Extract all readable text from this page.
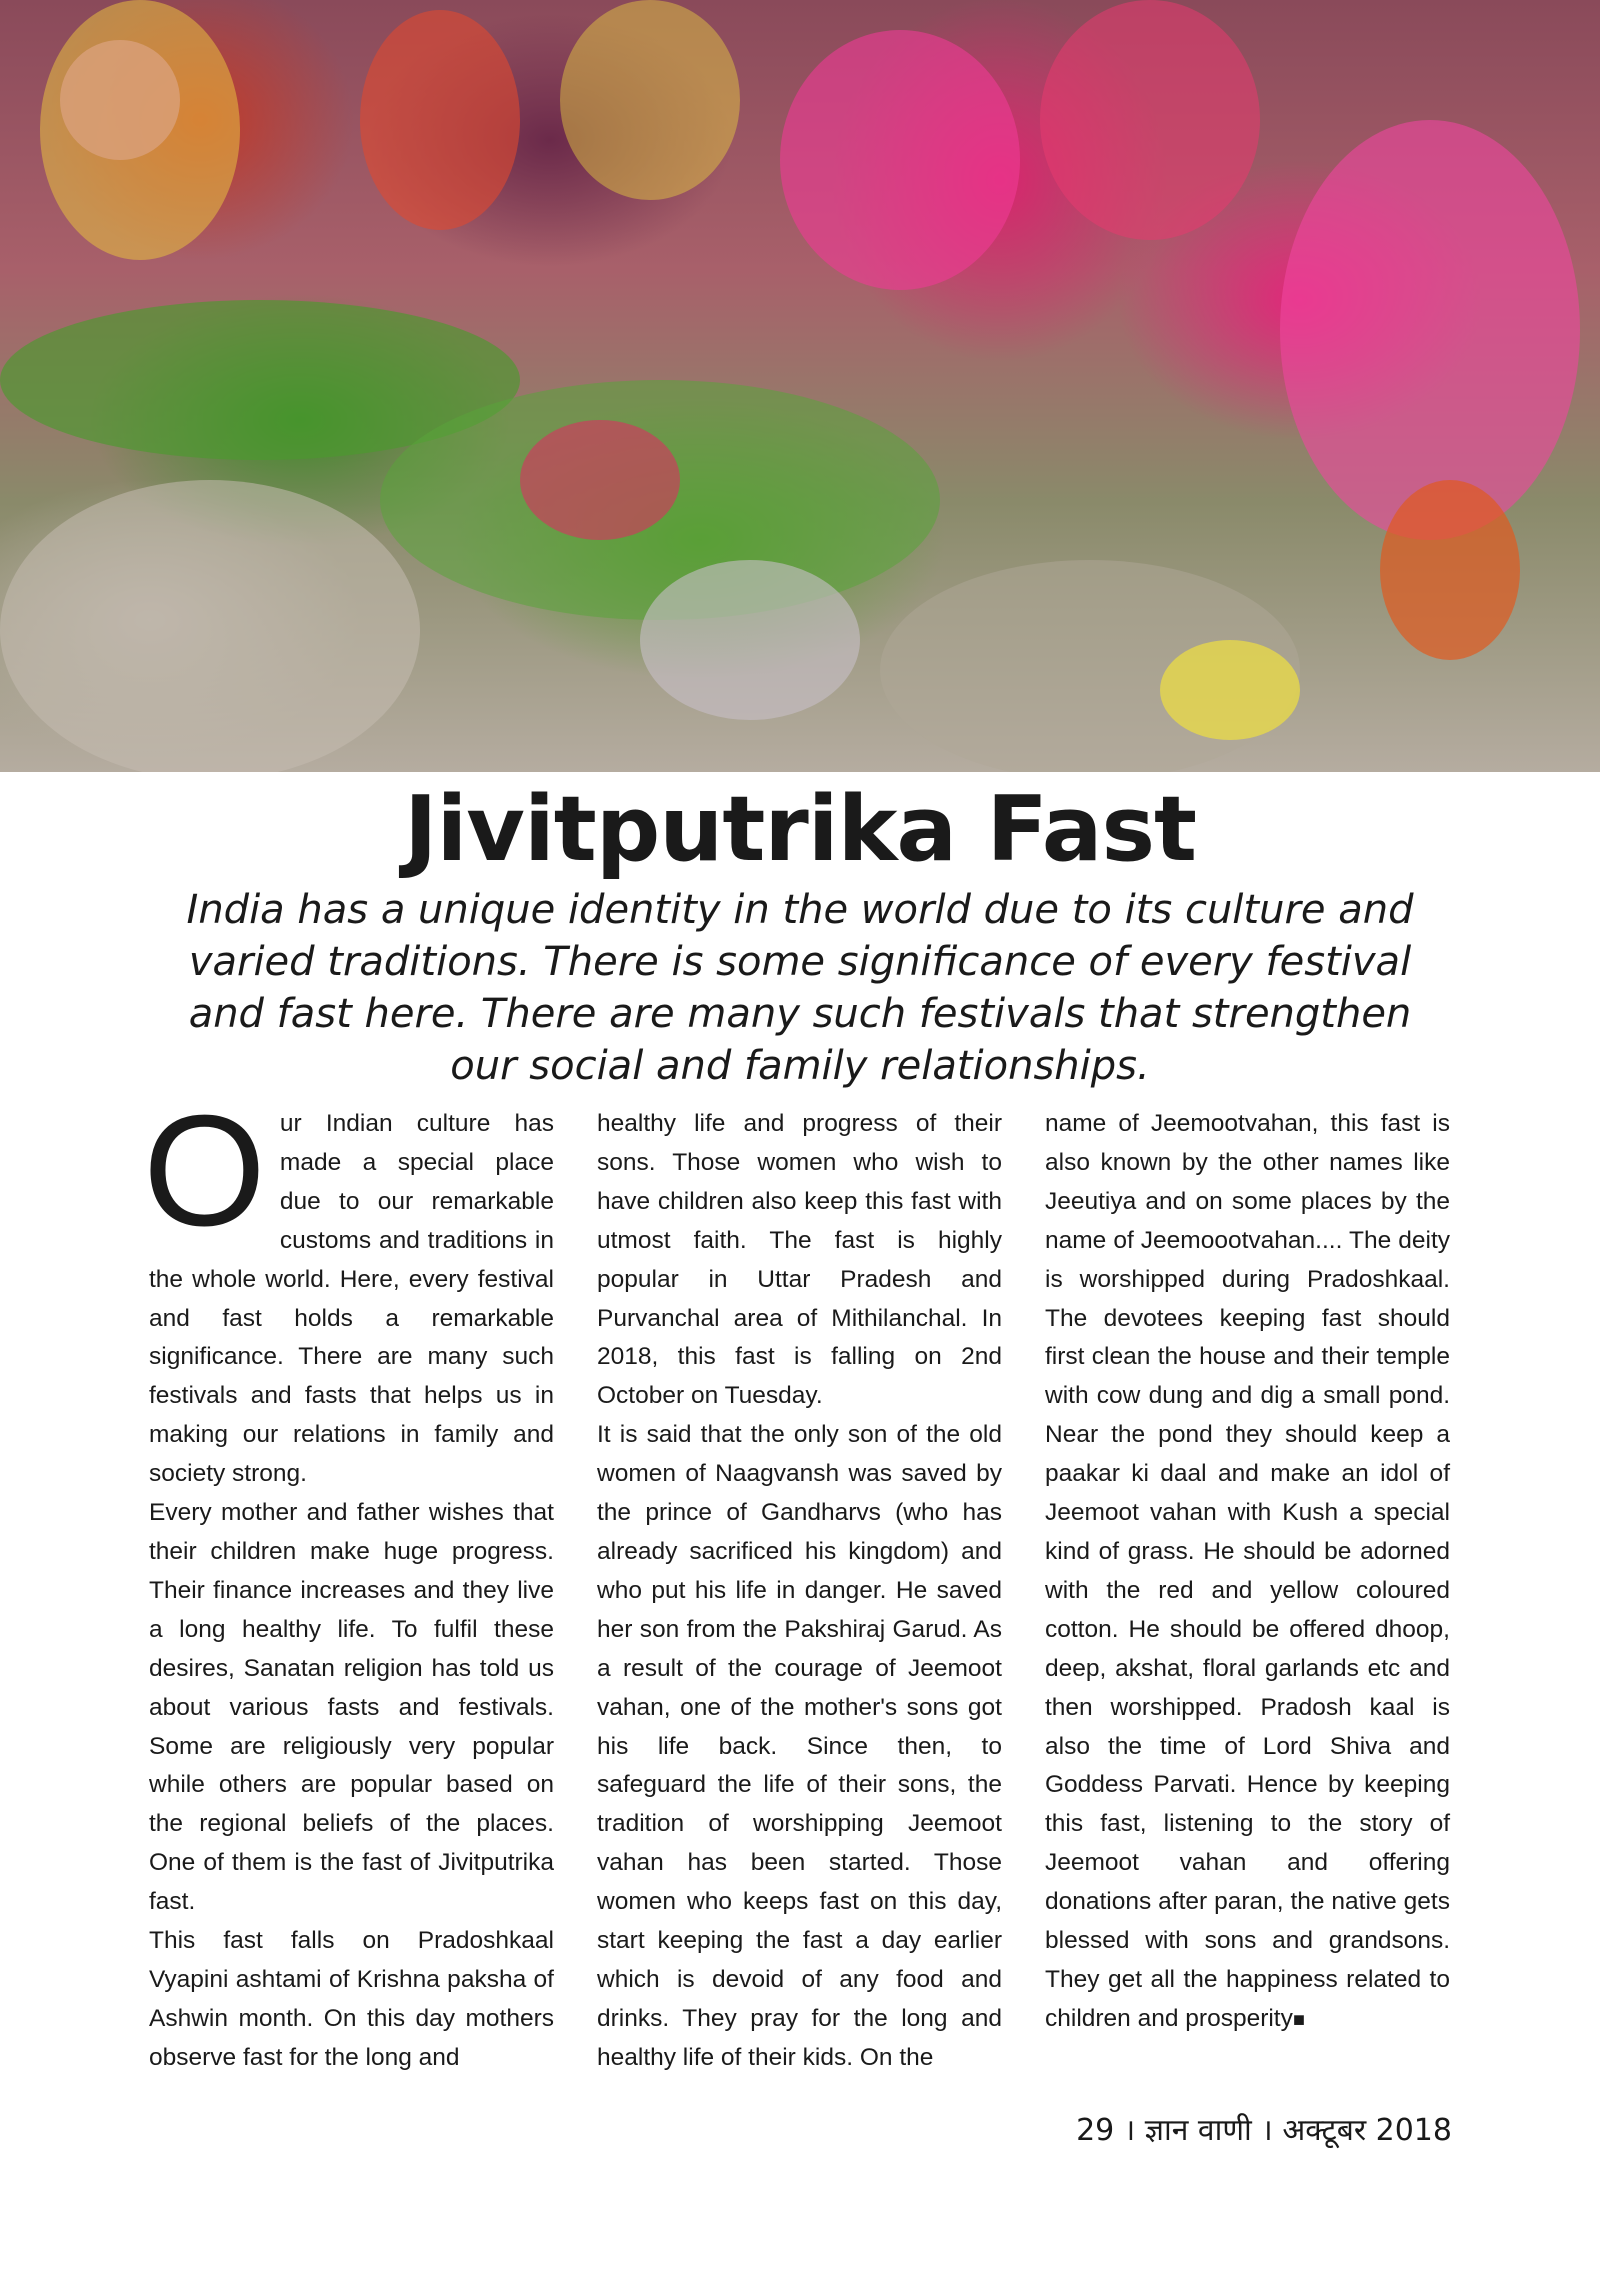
Jivitputrika Fast

India has a unique identity in the world due to its culture and varied traditions. There is some significance of every festival and fast here. There are many such festivals that strengthen our social and family relationships.

Our Indian culture has made a special place due to our remarkable customs and traditions in the whole world. Here, every festival and fast holds a remarkable significance. There are many such festivals and fasts that helps us in making our relations in family and society strong.

Every mother and father wishes that their children make huge progress. Their finance increases and they live a long healthy life. To fulfil these desires, Sanatan religion has told us about various fasts and festivals. Some are religiously very popular while others are popular based on the regional beliefs of the places. One of them is the fast of Jivitputrika fast.

This fast falls on Pradoshkaal Vyapini ashtami of Krishna paksha of Ashwin month. On this day mothers observe fast for the long and

healthy life and progress of their sons. Those women who wish to have children also keep this fast with utmost faith. The fast is highly popular in Uttar Pradesh and Purvanchal area of Mithilanchal. In 2018, this fast is falling on 2nd October on Tuesday.

It is said that the only son of the old women of Naagvansh was saved by the prince of Gandharvs (who has already sacrificed his kingdom) and who put his life in danger. He saved her son from the Pakshiraj Garud. As a result of the courage of Jeemoot vahan, one of the mother's sons got his life back. Since then, to safeguard the life of their sons, the tradition of worshipping Jeemoot vahan has been started. Those women who keeps fast on this day, start keeping the fast a day earlier which is devoid of any food and drinks. They pray for the long and healthy life of their kids. On the

name of Jeemootvahan, this fast is also known by the other names like Jeeutiya and on some places by the name of Jeemoootvahan.... The deity is worshipped during Pradoshkaal. The devotees keeping fast should first clean the house and their temple with cow dung and dig a small pond. Near the pond they should keep a paakar ki daal and make an idol of Jeemoot vahan with Kush a special kind of grass. He should be adorned with the red and yellow coloured cotton. He should be offered dhoop, deep, akshat, floral garlands etc and then worshipped. Pradosh kaal is also the time of Lord Shiva and Goddess Parvati. Hence by keeping this fast, listening to the story of Jeemoot vahan and offering donations after paran, the native gets blessed with sons and grandsons. They get all the happiness related to children and prosperity■

29 । ज्ञान वाणी । अक्टूबर 2018
